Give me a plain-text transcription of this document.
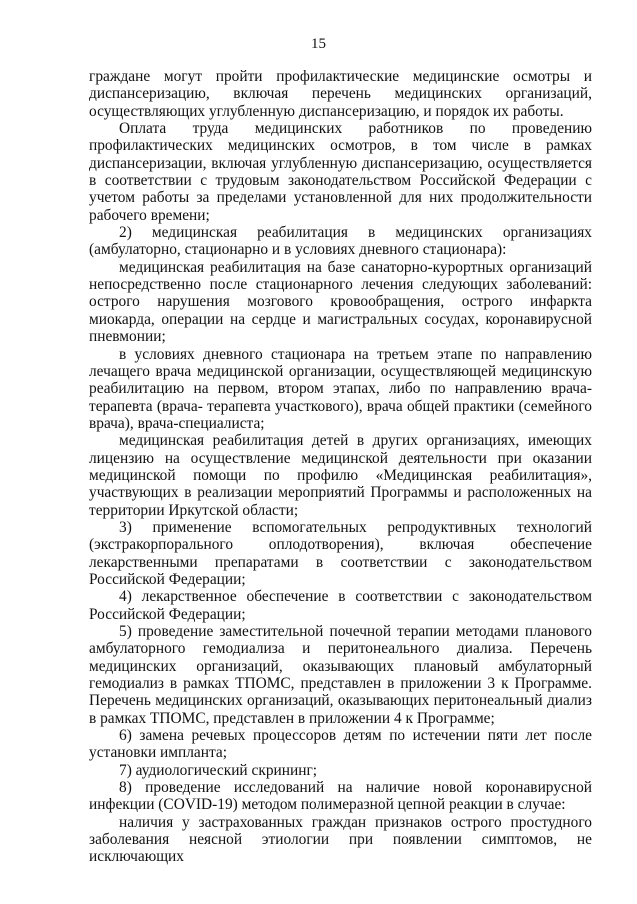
15

граждане могут пройти профилактические медицинские осмотры и диспансеризацию, включая перечень медицинских организаций, осуществляющих углубленную диспансеризацию, и порядок их работы.

Оплата труда медицинских работников по проведению профилактических медицинских осмотров, в том числе в рамках диспансеризации, включая углубленную диспансеризацию, осуществляется в соответствии с трудовым законодательством Российской Федерации с учетом работы за пределами установленной для них продолжительности рабочего времени;

2) медицинская реабилитация в медицинских организациях (амбулаторно, стационарно и в условиях дневного стационара):

медицинская реабилитация на базе санаторно-курортных организаций непосредственно после стационарного лечения следующих заболеваний: острого нарушения мозгового кровообращения, острого инфаркта миокарда, операции на сердце и магистральных сосудах, коронавирусной пневмонии;

в условиях дневного стационара на третьем этапе по направлению лечащего врача медицинской организации, осуществляющей медицинскую реабилитацию на первом, втором этапах, либо по направлению врача-терапевта (врача- терапевта участкового), врача общей практики (семейного врача), врача-специалиста;

медицинская реабилитация детей в других организациях, имеющих лицензию на осуществление медицинской деятельности при оказании медицинской помощи по профилю «Медицинская реабилитация», участвующих в реализации мероприятий Программы и расположенных на территории Иркутской области;

3) применение вспомогательных репродуктивных технологий (экстракорпорального оплодотворения), включая обеспечение лекарственными препаратами в соответствии с законодательством Российской Федерации;

4) лекарственное обеспечение в соответствии с законодательством Российской Федерации;

5) проведение заместительной почечной терапии методами планового амбулаторного гемодиализа и перитонеального диализа. Перечень медицинских организаций, оказывающих плановый амбулаторный гемодиализ в рамках ТПОМС, представлен в приложении 3 к Программе. Перечень медицинских организаций, оказывающих перитонеальный диализ в рамках ТПОМС, представлен в приложении 4 к Программе;

6) замена речевых процессоров детям по истечении пяти лет после установки импланта;

7) аудиологический скрининг;

8) проведение исследований на наличие новой коронавирусной инфекции (COVID-19) методом полимеразной цепной реакции в случае:

наличия у застрахованных граждан признаков острого простудного заболевания неясной этиологии при появлении симптомов, не исключающих
